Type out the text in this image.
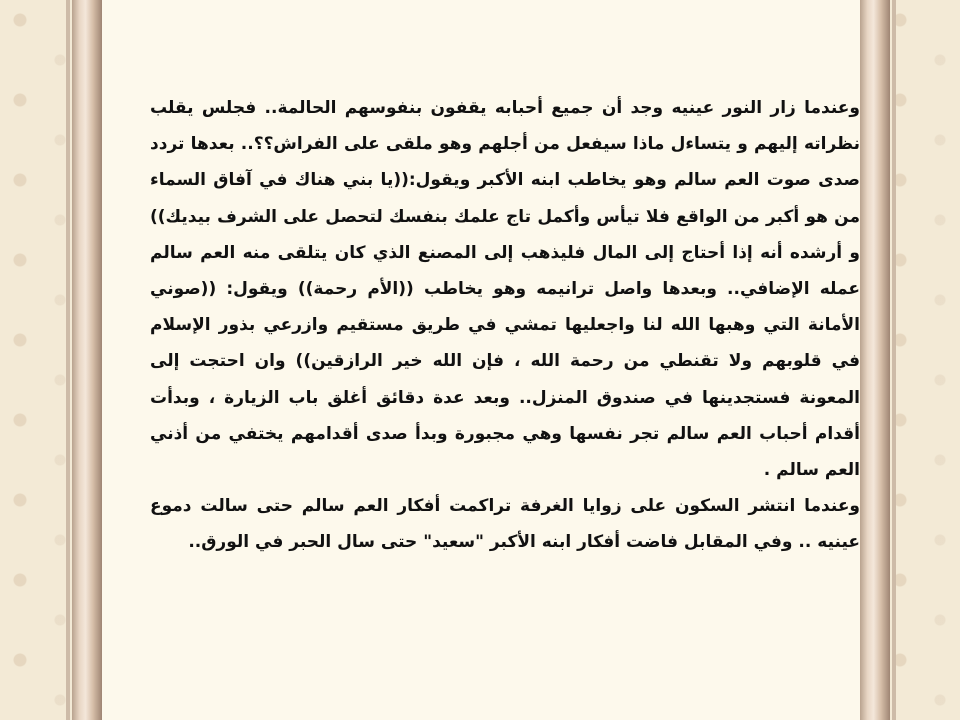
وعندما زار النور عينيه وجد أن جميع أحبابه يقفون بنفوسهم الحالمة.. فجلس يقلب نظراته إليهم و يتساءل ماذا سيفعل من أجلهم وهو ملقى على الفراش؟؟.. بعدها تردد صدى صوت العم سالم وهو يخاطب ابنه الأكبر ويقول:((يا بني هناك في آفاق السماء من هو أكبر من الواقع فلا تيأس وأكمل تاج علمك بنفسك لتحصل على الشرف بيديك)) و أرشده أنه إذا أحتاج إلى المال فليذهب إلى المصنع الذي كان يتلقى منه العم سالم عمله الإضافي.. وبعدها واصل ترانيمه وهو يخاطب ((الأم رحمة)) ويقول: ((صوني الأمانة التي وهبها الله لنا واجعليها تمشي في طريق مستقيم وازرعي بذور الإسلام في قلوبهم ولا تقنطي من رحمة الله ، فإن الله خير الرازقين)) وان احتجت إلى المعونة فستجدينها في صندوق المنزل.. وبعد عدة دقائق أغلق باب الزيارة ، وبدأت أقدام أحباب العم سالم تجر نفسها وهي مجبورة وبدأ صدى أقدامهم يختفي من أذني العم سالم .

وعندما انتشر السكون على زوايا الغرفة تراكمت أفكار العم سالم حتى سالت دموع عينيه .. وفي المقابل فاضت أفكار ابنه الأكبر "سعيد" حتى سال الحبر في الورق..
